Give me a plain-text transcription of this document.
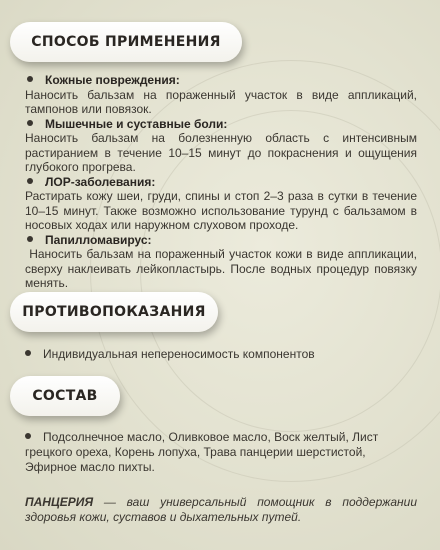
СПОСОБ ПРИМЕНЕНИЯ
Кожные повреждения:
Наносить бальзам на пораженный участок в виде аппликаций, тампонов или повязок.
Мышечные и суставные боли:
Наносить бальзам на болезненную область с интенсивным растиранием в течение 10–15 минут до покраснения и ощущения глубокого прогрева.
ЛОР-заболевания:
Растирать кожу шеи, груди, спины и стоп 2–3 раза в сутки в течение 10–15 минут. Также возможно использование турунд с бальзамом в носовых ходах или наружном слуховом проходе.
Папилломавирус:
Наносить бальзам на пораженный участок кожи в виде аппликации, сверху наклеивать лейкопластырь. После водных процедур повязку менять.
ПРОТИВОПОКАЗАНИЯ
Индивидуальная непереносимость компонентов
СОСТАВ
Подсолнечное масло, Оливковое масло, Воск желтый, Лист грецкого ореха, Корень лопуха, Трава панцерии шерстистой, Эфирное масло пихты.
ПАНЦЕРИЯ — ваш универсальный помощник в поддержании здоровья кожи, суставов и дыхательных путей.
